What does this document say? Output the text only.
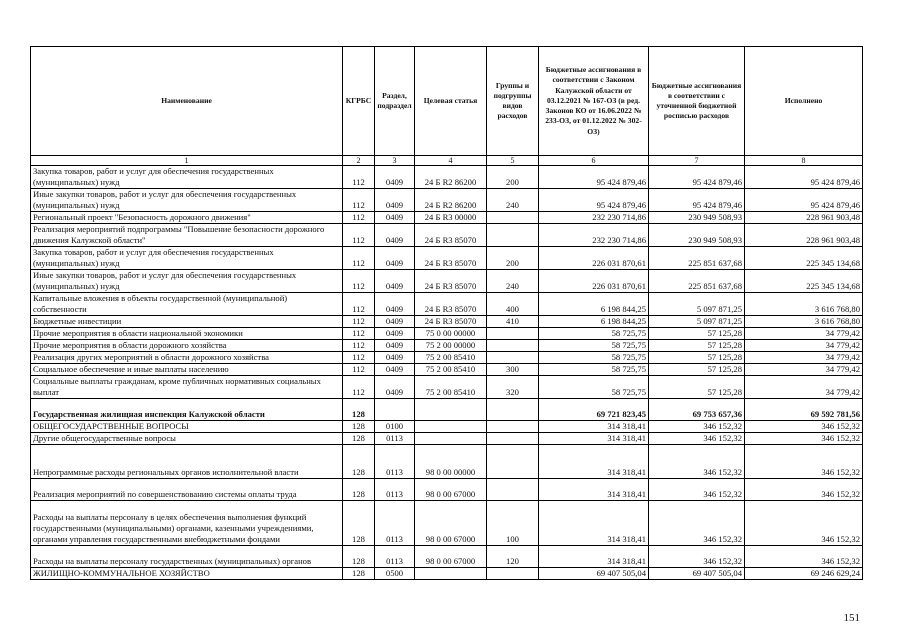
Наименование	КГРБС	Раздел, подраздел	Целевая статья	Группы и подгруппы видов расходов	Бюджетные ассигнования в соответствии с Законом Калужской области от 03.12.2021 № 167-ОЗ (в ред. Законов КО от 16.06.2022 № 233-ОЗ, от 01.12.2022 № 302-ОЗ)	Бюджетные ассигнования в соответствии с уточненной бюджетной росписью расходов	Исполнено
1	2	3	4	5	6	7	8
Закупка товаров, работ и услуг для обеспечения государственных (муниципальных) нужд	112	0409	24 Б R2 86200	200	95 424 879,46	95 424 879,46	95 424 879,46
Иные закупки товаров, работ и услуг для обеспечения государственных (муниципальных) нужд	112	0409	24 Б R2 86200	240	95 424 879,46	95 424 879,46	95 424 879,46
Региональный проект "Безопасность дорожного движения"	112	0409	24 Б R3 00000		232 230 714,86	230 949 508,93	228 961 903,48
Реализация мероприятий подпрограммы "Повышение безопасности дорожного движения Калужской области"	112	0409	24 Б R3 85070		232 230 714,86	230 949 508,93	228 961 903,48
Закупка товаров, работ и услуг для обеспечения государственных (муниципальных) нужд	112	0409	24 Б R3 85070	200	226 031 870,61	225 851 637,68	225 345 134,68
Иные закупки товаров, работ и услуг для обеспечения государственных (муниципальных) нужд	112	0409	24 Б R3 85070	240	226 031 870,61	225 851 637,68	225 345 134,68
Капитальные вложения в объекты государственной (муниципальной) собственности	112	0409	24 Б R3 85070	400	6 198 844,25	5 097 871,25	3 616 768,80
Бюджетные инвестиции	112	0409	24 Б R3 85070	410	6 198 844,25	5 097 871,25	3 616 768,80
Прочие мероприятия в области национальной экономики	112	0409	75 0 00 00000		58 725,75	57 125,28	34 779,42
Прочие мероприятия в области дорожного хозяйства	112	0409	75 2 00 00000		58 725,75	57 125,28	34 779,42
Реализация других мероприятий в области дорожного хозяйства	112	0409	75 2 00 85410		58 725,75	57 125,28	34 779,42
Социальное обеспечение и иные выплаты населению	112	0409	75 2 00 85410	300	58 725,75	57 125,28	34 779,42
Социальные выплаты гражданам, кроме публичных нормативных социальных выплат	112	0409	75 2 00 85410	320	58 725,75	57 125,28	34 779,42
Государственная жилищная инспекция Калужской области	128				69 721 823,45	69 753 657,36	69 592 781,56
ОБЩЕГОСУДАРСТВЕННЫЕ ВОПРОСЫ	128	0100			314 318,41	346 152,32	346 152,32
Другие общегосударственные вопросы	128	0113			314 318,41	346 152,32	346 152,32
Непрограммные расходы региональных органов исполнительной власти	128	0113	98 0 00 00000		314 318,41	346 152,32	346 152,32
Реализация мероприятий по совершенствованию системы оплаты труда	128	0113	98 0 00 67000		314 318,41	346 152,32	346 152,32
Расходы на выплаты персоналу в целях обеспечения выполнения функций государственными (муниципальными) органами, казенными учреждениями, органами управления государственными внебюджетными фондами	128	0113	98 0 00 67000	100	314 318,41	346 152,32	346 152,32
Расходы на выплаты персоналу государственных (муниципальных) органов	128	0113	98 0 00 67000	120	314 318,41	346 152,32	346 152,32
ЖИЛИЩНО-КОММУНАЛЬНОЕ ХОЗЯЙСТВО	128	0500			69 407 505,04	69 407 505,04	69 246 629,24
151
